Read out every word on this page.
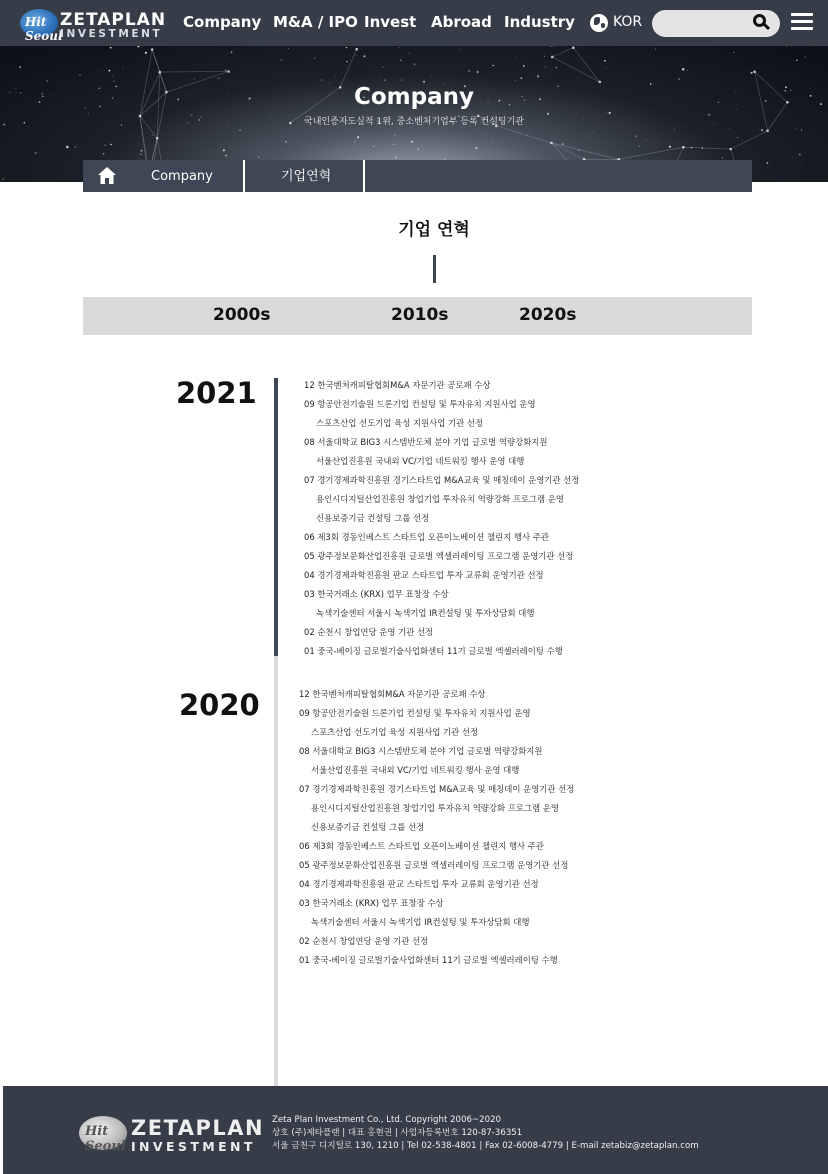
Hit Seoul
ZETAPLAN
INVESTMENT
Company M&A / IPO Invest Abroad Industry	KOR
Company
국내인증지도실적 1위, 중소벤처기업부 등록 컨설팅기관
Company	기업연혁
기업 연혁
2000s	2010s	2020s
2021	12 한국벤처캐피탈협회M&A 자문기관 공로패 수상
09 항공안전기술원 드론기업 컨설팅 및 투자유치 지원사업 운영
스포츠산업 선도기업 육성 지원사업 기관 선정
08 서울대학교 BIG3 시스템반도체 분야 기업 글로벌 역량강화지원
서울산업진흥원 국내외 VC/기업 네트워킹 행사 운영 대행
07 경기경제과학진흥원 경기스타트업 M&A교육 및 매칭데이 운영기관 선정
용인시디지털산업진흥원 창업기업 투자유치 역량강화 프로그램 운영
신용보증기금 컨설팅 그룹 선정
06 제3회 경동인베스트 스타트업 오픈이노베이션 챌린지 행사 주관
05 광주정보문화산업진흥원 글로벌 엑셀러레이팅 프로그램 운영기관 선정
04 경기경제과학진흥원 판교 스타트업 투자 교류회 운영기관 선정
03 한국거래소 (KRX) 업무 표창장 수상
녹색기술센터 서울시 녹색기업 IR컨설팅 및 투자상담회 대행
02 순천시 창업연당 운영 기관 선정
01 중국-베이징 글로벌기술사업화센터 11기 글로벌 엑셀러레이팅 수행
2020	12 한국벤처캐피탈협회M&A 자문기관 공로패 수상
09 항공안전기술원 드론기업 컨설팅 및 투자유치 지원사업 운영
스포츠산업 선도기업 육성 지원사업 기관 선정
08 서울대학교 BIG3 시스템반도체 분야 기업 글로벌 역량강화지원
서울산업진흥원 국내외 VC/기업 네트워킹 행사 운영 대행
07 경기경제과학진흥원 경기스타트업 M&A교육 및 매칭데이 운영기관 선정
용인시디지털산업진흥원 창업기업 투자유치 역량강화 프로그램 운영
신용보증기금 컨설팅 그룹 선정
06 제3회 경동인베스트 스타트업 오픈이노베이션 챌린지 행사 주관
05 광주정보문화산업진흥원 글로벌 엑셀러레이팅 프로그램 운영기관 선정
04 경기경제과학진흥원 판교 스타트업 투자 교류회 운영기관 선정
03 한국거래소 (KRX) 업무 표창장 수상
녹색기술센터 서울시 녹색기업 IR컨설팅 및 투자상담회 대행
02 순천시 창업연당 운영 기관 선정
01 중국-베이징 글로벌기술사업화센터 11기 글로벌 엑셀러레이팅 수행
Hit Seoul
ZETAPLAN
INVESTMENT
Zeta Plan Investment Co., Ltd. Copyright 2006~2020
상호 (주)제타플랜 | 대표 홍현권 | 사업자등록번호 120-87-36351
서울 금천구 디지털로 130, 1210 | Tel 02-538-4801 | Fax 02-6008-4779 | E-mail zetabiz@zetaplan.com
